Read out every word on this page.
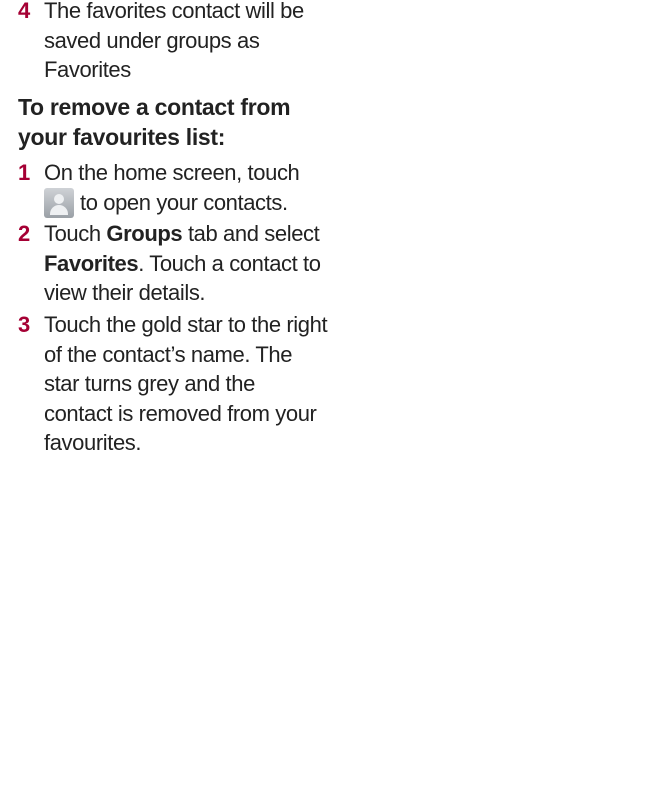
4 The favorites contact will be saved under groups as Favorites
To remove a contact from your favourites list:
1 On the home screen, touch

to open your contacts.
2 Touch Groups tab and select Favorites. Touch a contact to view their details.
3 Touch the gold star to the right of the contact’s name. The star turns grey and the contact is removed from your favourites.
